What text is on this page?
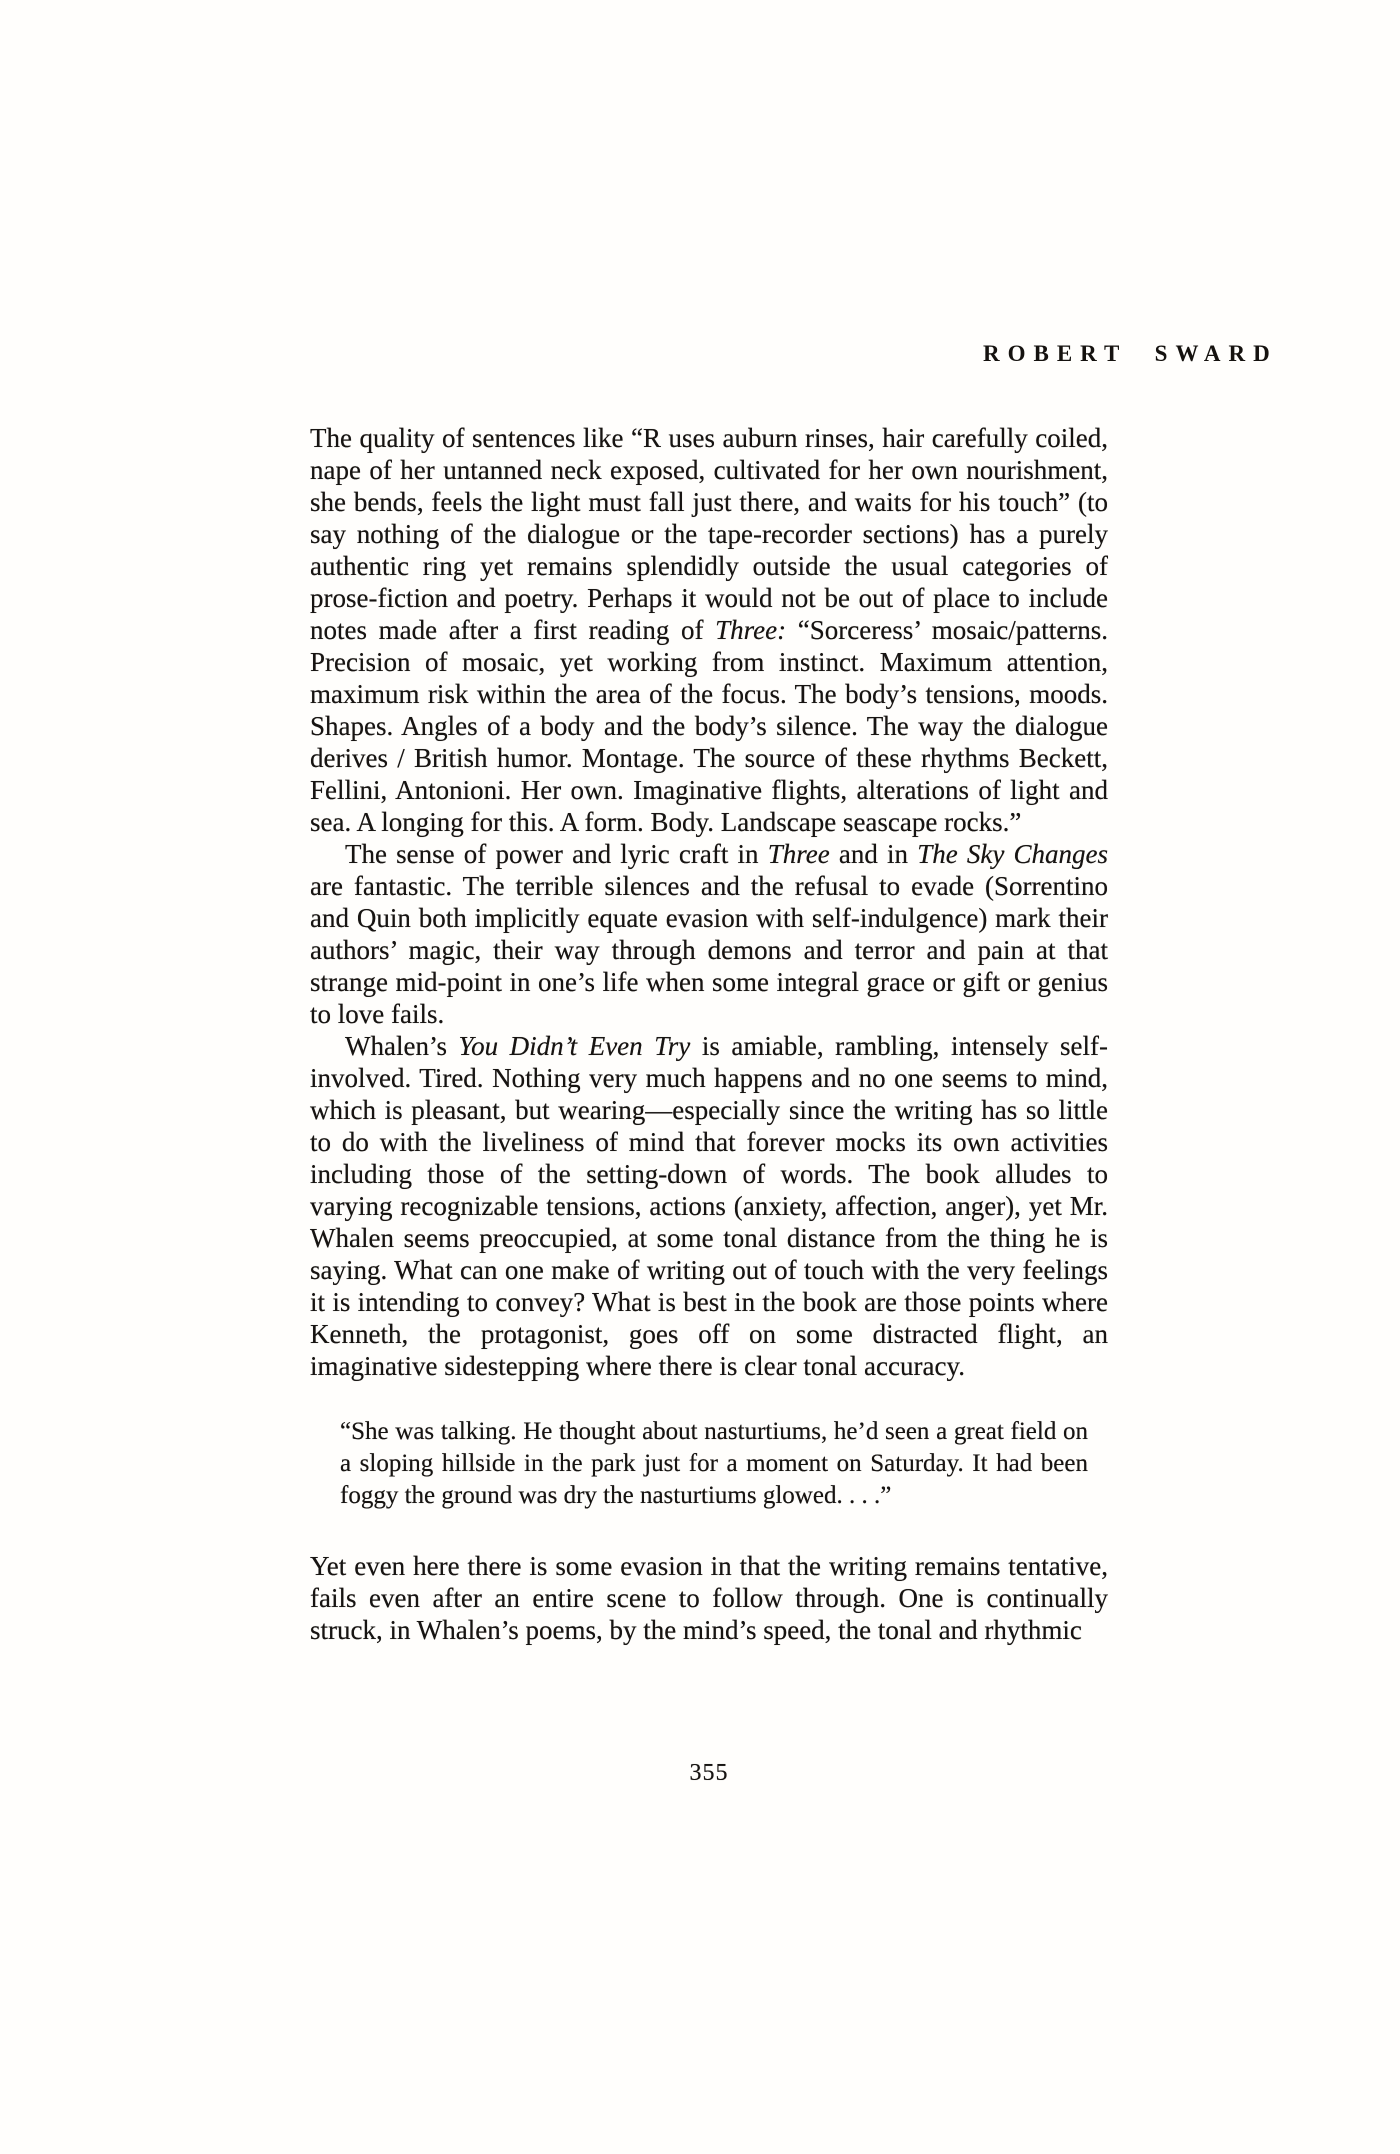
ROBERT SWARD

The quality of sentences like “R uses auburn rinses, hair carefully coiled, nape of her untanned neck exposed, cultivated for her own nourishment, she bends, feels the light must fall just there, and waits for his touch” (to say nothing of the dialogue or the tape-recorder sections) has a purely authentic ring yet remains splendidly outside the usual categories of prose-fiction and poetry. Perhaps it would not be out of place to include notes made after a first reading of Three: “Sorceress’ mosaic/patterns. Precision of mosaic, yet working from instinct. Maximum attention, maximum risk within the area of the focus. The body’s tensions, moods. Shapes. Angles of a body and the body’s silence. The way the dialogue derives / British humor. Montage. The source of these rhythms Beckett, Fellini, Antonioni. Her own. Imaginative flights, alterations of light and sea. A longing for this. A form. Body. Landscape seascape rocks.”

The sense of power and lyric craft in Three and in The Sky Changes are fantastic. The terrible silences and the refusal to evade (Sorrentino and Quin both implicitly equate evasion with self-indulgence) mark their authors’ magic, their way through demons and terror and pain at that strange mid-point in one’s life when some integral grace or gift or genius to love fails.

Whalen’s You Didn’t Even Try is amiable, rambling, intensely self-involved. Tired. Nothing very much happens and no one seems to mind, which is pleasant, but wearing—especially since the writing has so little to do with the liveliness of mind that forever mocks its own activities including those of the setting-down of words. The book alludes to varying recognizable tensions, actions (anxiety, affection, anger), yet Mr. Whalen seems preoccupied, at some tonal distance from the thing he is saying. What can one make of writing out of touch with the very feelings it is intending to convey? What is best in the book are those points where Kenneth, the protagonist, goes off on some distracted flight, an imaginative sidestepping where there is clear tonal accuracy.

“She was talking. He thought about nasturtiums, he’d seen a great field on a sloping hillside in the park just for a moment on Saturday. It had been foggy the ground was dry the nasturtiums glowed. . . .”

Yet even here there is some evasion in that the writing remains tentative, fails even after an entire scene to follow through. One is continually struck, in Whalen’s poems, by the mind’s speed, the tonal and rhythmic

355
